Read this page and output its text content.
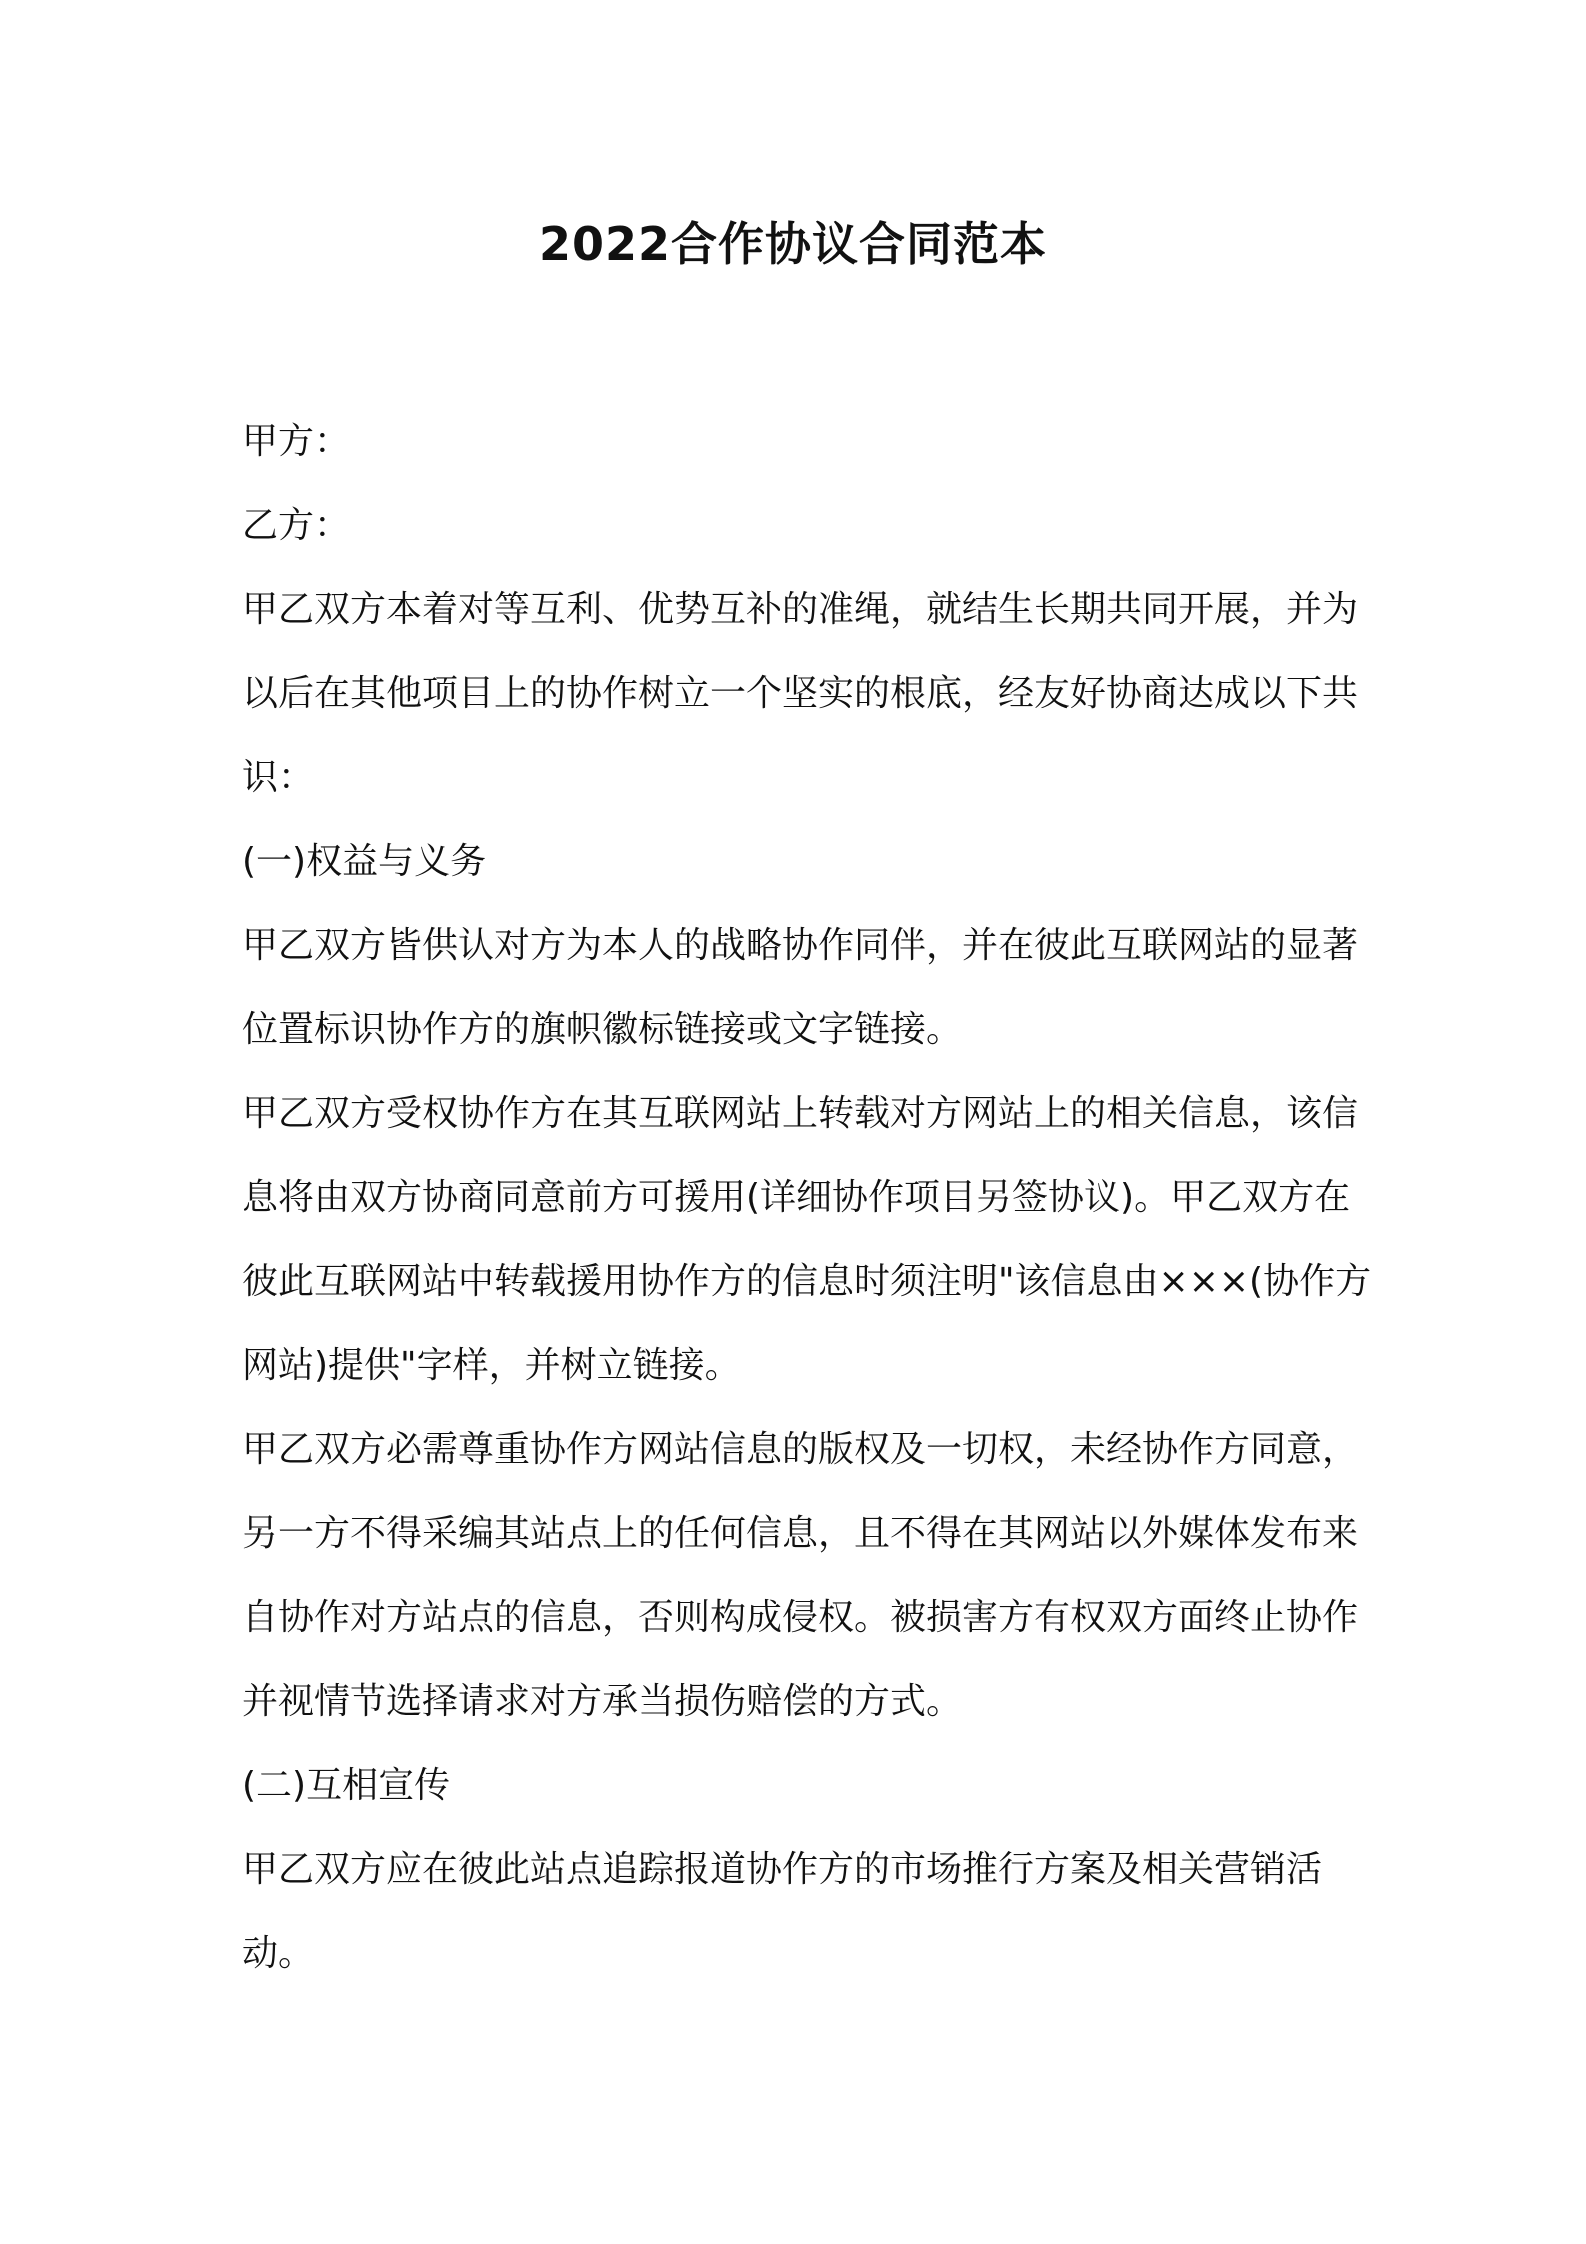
2022合作协议合同范本

甲方：

乙方：

甲乙双方本着对等互利、优势互补的准绳，就结生长期共同开展，并为以后在其他项目上的协作树立一个坚实的根底，经友好协商达成以下共识：

(一)权益与义务

甲乙双方皆供认对方为本人的战略协作同伴，并在彼此互联网站的显著位置标识协作方的旗帜徽标链接或文字链接。

甲乙双方受权协作方在其互联网站上转载对方网站上的相关信息，该信息将由双方协商同意前方可援用(详细协作项目另签协议)。甲乙双方在彼此互联网站中转载援用协作方的信息时须注明"该信息由×××(协作方网站)提供"字样，并树立链接。

甲乙双方必需尊重协作方网站信息的版权及一切权，未经协作方同意，另一方不得采编其站点上的任何信息，且不得在其网站以外媒体发布来自协作对方站点的信息，否则构成侵权。被损害方有权双方面终止协作并视情节选择请求对方承当损伤赔偿的方式。

(二)互相宣传

甲乙双方应在彼此站点追踪报道协作方的市场推行方案及相关营销活动。
